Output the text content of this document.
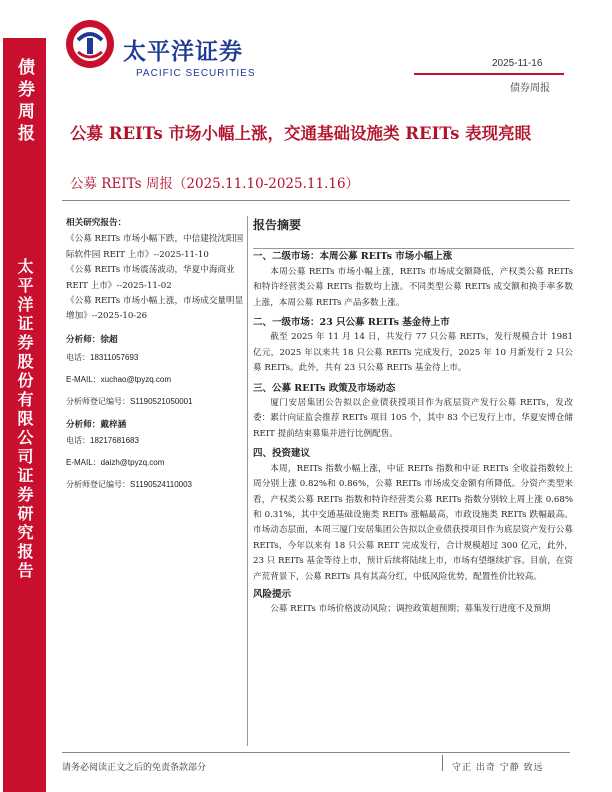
债券周报
太平洋证券股份有限公司证券研究报告
太平洋证券
PACIFIC SECURITIES
2025-11-16
债券周报
公募 REITs 市场小幅上涨，交通基础设施类 REITs 表现亮眼
公募 REITs 周报（2025.11.10-2025.11.16）
相关研究报告：
《公募 REITs 市场小幅下跌，中信建投沈阳国际软件园 REIT 上市》--2025-11-10
《公募 REITs 市场震荡波动，华夏中海商业 REIT 上市》--2025-11-02
《公募 REITs 市场小幅上涨，市场成交量明显增加》--2025-10-26
分析师：徐超
电话：18311057693
E-MAIL：xuchao@tpyzq.com
分析师登记编号：S1190521050001
分析师：戴梓涵
电话：18217681683
E-MAIL：daizh@tpyzq.com
分析师登记编号：S1190524110003
报告摘要
一、二级市场：本周公募 REITs 市场小幅上涨

本周公募 REITs 市场小幅上涨，REITs 市场成交额降低，产权类公募 REITs 和特许经营类公募 REITs 指数均上涨。不同类型公募 REITs 成交额和换手率多数上涨，本周公募 REITs 产品多数上涨。

二、一级市场：23 只公募 REITs 基金待上市

截至 2025 年 11 月 14 日，共发行 77 只公募 REITs，发行规模合计 1981 亿元，2025 年以来共 18 只公募 REITs 完成发行，2025 年 10 月新发行 2 只公募 REITs。此外，共有 23 只公募 REITs 基金待上市。

三、公募 REITs 政策及市场动态

厦门安居集团公告拟以企业债获授项目作为底层资产发行公募 REITs，发改委：累计向证监会推荐 REITs 项目 105 个，其中 83 个已发行上市，华夏安博仓储 REIT 提前结束募集并进行比例配售。

四、投资建议

本周，REITs 指数小幅上涨，中证 REITs 指数和中证 REITs 全收益指数较上周分别上涨 0.82%和 0.86%，公募 REITs 市场成交金额有所降低。分资产类型来看，产权类公募 REITs 指数和特许经营类公募 REITs 指数分别较上周上涨 0.68%和 0.31%，其中交通基础设施类 REITs 涨幅最高，市政设施类 REITs 跌幅最高。市场动态层面，本周三厦门安居集团公告拟以企业债获授项目作为底层资产发行公募 REITs，今年以来有 18 只公募 REIT 完成发行，合计规模超过 300 亿元，此外，23 只 REITs 基金等待上市，预计后续将陆续上市，市场有望继续扩容。目前，在资产荒背景下，公募 REITs 具有其高分红，中低风险优势，配置性价比较高。

风险提示

公募 REITs 市场价格波动风险；调控政策超预期；募集发行进度不及预期

请务必阅读正文之后的免责条款部分	守正 出奇 宁静 致远
